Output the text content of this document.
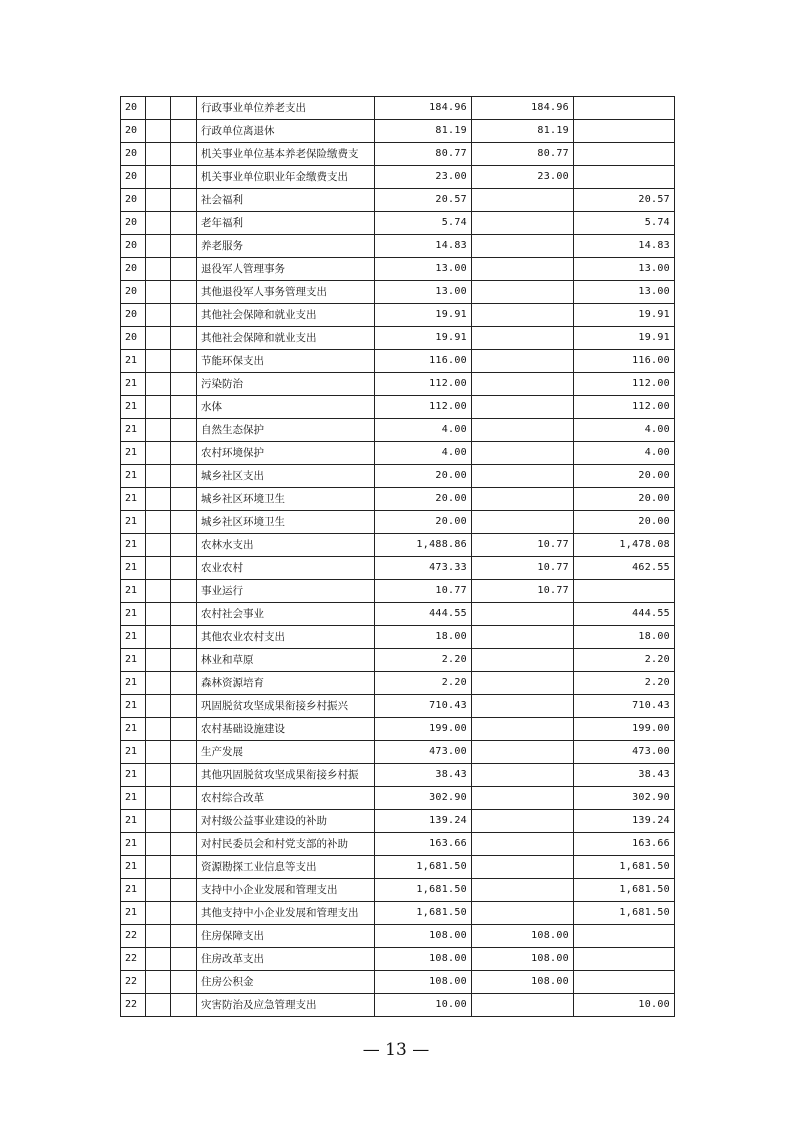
20			行政事业单位养老支出	184.96	184.96	
20			行政单位离退休	81.19	81.19	
20			机关事业单位基本养老保险缴费支	80.77	80.77	
20			机关事业单位职业年金缴费支出	23.00	23.00	
20			社会福利	20.57		20.57
20			老年福利	5.74		5.74
20			养老服务	14.83		14.83
20			退役军人管理事务	13.00		13.00
20			其他退役军人事务管理支出	13.00		13.00
20			其他社会保障和就业支出	19.91		19.91
20			其他社会保障和就业支出	19.91		19.91
21			节能环保支出	116.00		116.00
21			污染防治	112.00		112.00
21			水体	112.00		112.00
21			自然生态保护	4.00		4.00
21			农村环境保护	4.00		4.00
21			城乡社区支出	20.00		20.00
21			城乡社区环境卫生	20.00		20.00
21			城乡社区环境卫生	20.00		20.00
21			农林水支出	1,488.86	10.77	1,478.08
21			农业农村	473.33	10.77	462.55
21			事业运行	10.77	10.77	
21			农村社会事业	444.55		444.55
21			其他农业农村支出	18.00		18.00
21			林业和草原	2.20		2.20
21			森林资源培育	2.20		2.20
21			巩固脱贫攻坚成果衔接乡村振兴	710.43		710.43
21			农村基础设施建设	199.00		199.00
21			生产发展	473.00		473.00
21			其他巩固脱贫攻坚成果衔接乡村振	38.43		38.43
21			农村综合改革	302.90		302.90
21			对村级公益事业建设的补助	139.24		139.24
21			对村民委员会和村党支部的补助	163.66		163.66
21			资源勘探工业信息等支出	1,681.50		1,681.50
21			支持中小企业发展和管理支出	1,681.50		1,681.50
21			其他支持中小企业发展和管理支出	1,681.50		1,681.50
22			住房保障支出	108.00	108.00	
22			住房改革支出	108.00	108.00	
22			住房公积金	108.00	108.00	
22			灾害防治及应急管理支出	10.00		10.00
— 13 —
